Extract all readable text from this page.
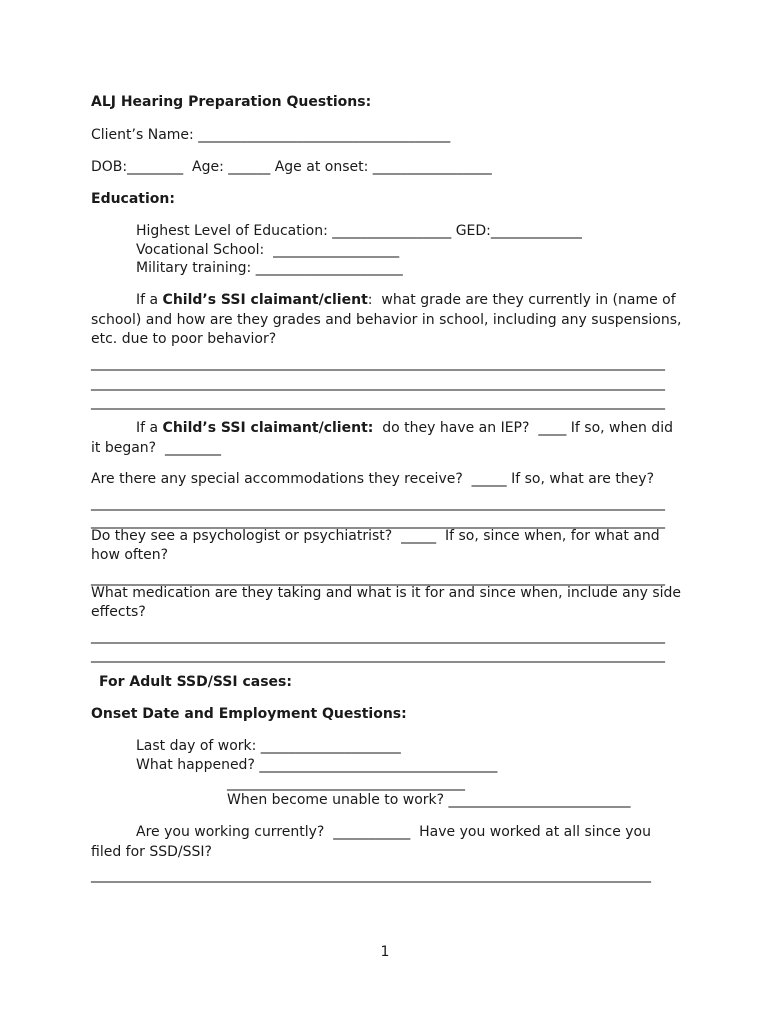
ALJ Hearing Preparation Questions:
Client’s Name: ____________________________________
DOB:________  Age: ______ Age at onset: _________________
Education:
Highest Level of Education: _________________ GED:_____________
Vocational School:  __________________
Military training: _____________________
If a Child’s SSI claimant/client:  what grade are they currently in (name of
school) and how are they grades and behavior in school, including any suspensions,
etc. due to poor behavior?
__________________________________________________________________________________
__________________________________________________________________________________
__________________________________________________________________________________
If a Child’s SSI claimant/client:  do they have an IEP?  ____ If so, when did
it began?  ________
Are there any special accommodations they receive?  _____ If so, what are they?
__________________________________________________________________________________
__________________________________________________________________________________
Do they see a psychologist or psychiatrist?  _____  If so, since when, for what and
how often?
__________________________________________________________________________________
What medication are they taking and what is it for and since when, include any side
effects?
__________________________________________________________________________________
__________________________________________________________________________________
For Adult SSD/SSI cases:
Onset Date and Employment Questions:
Last day of work: ____________________
What happened? __________________________________
__________________________________
When become unable to work? __________________________
Are you working currently?  ___________  Have you worked at all since you
filed for SSD/SSI?
________________________________________________________________________________
1
